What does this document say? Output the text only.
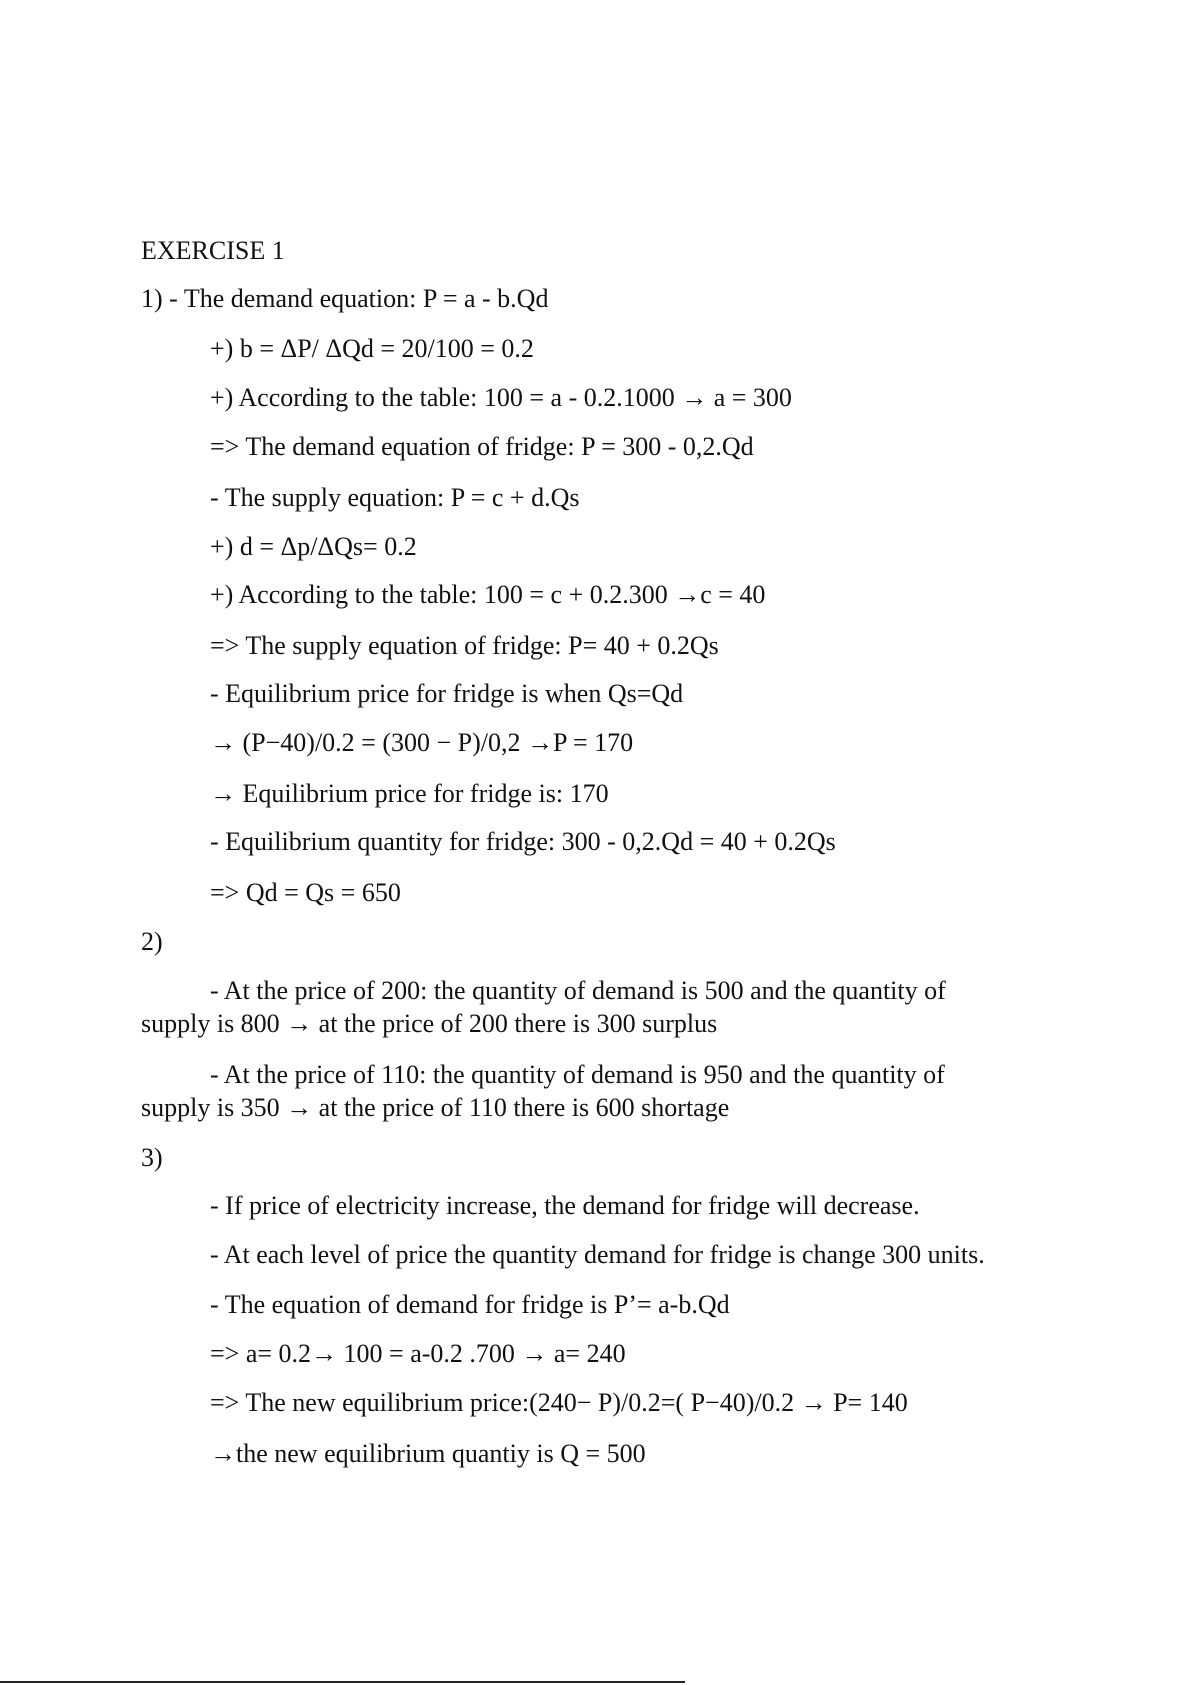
EXERCISE 1
1) - The demand equation: P = a - b.Qd
+) b = ΔP/ ΔQd = 20/100 = 0.2
+) According to the table: 100 = a - 0.2.1000 → a = 300
=> The demand equation of fridge: P = 300 - 0,2.Qd
- The supply equation: P = c + d.Qs
+) d = Δp/ΔQs= 0.2
+) According to the table: 100 = c + 0.2.300 →c = 40
=> The supply equation of fridge: P= 40 + 0.2Qs
- Equilibrium price for fridge is when Qs=Qd
→ (P−40)/0.2 = (300 − P)/0,2 →P = 170
→ Equilibrium price for fridge is: 170
- Equilibrium quantity for fridge: 300 - 0,2.Qd = 40 + 0.2Qs
=> Qd = Qs = 650
2)
- At the price of 200: the quantity of demand is 500 and the quantity of
supply is 800 → at the price of 200 there is 300 surplus
- At the price of 110: the quantity of demand is 950 and the quantity of
supply is 350 → at the price of 110 there is 600 shortage
3)
- If price of electricity increase, the demand for fridge will decrease.
- At each level of price the quantity demand for fridge is change 300 units.
- The equation of demand for fridge is P’= a-b.Qd
=> a= 0.2→ 100 = a-0.2 .700 → a= 240
=> The new equilibrium price:(240− P)/0.2=( P−40)/0.2 → P= 140
→the new equilibrium quantiy is Q = 500
